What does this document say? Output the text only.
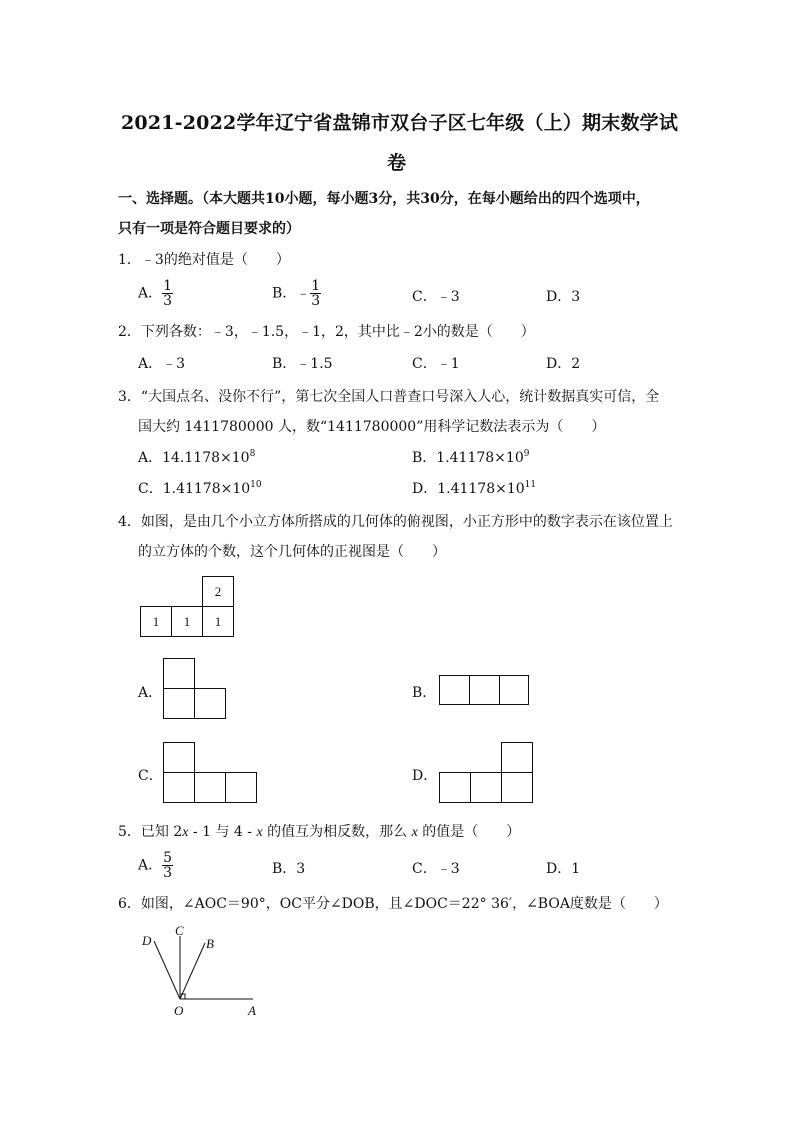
2021-2022学年辽宁省盘锦市双台子区七年级（上）期末数学试
卷
一、选择题。（本大题共10小题，每小题3分，共30分，在每小题给出的四个选项中，
只有一项是符合题目要求的）
1．﹣3的绝对值是（　　）
A． $\frac{1}{3}$	B．﹣ $\frac{1}{3}$	C．﹣3	D．3
2．下列各数：﹣3，﹣1.5，﹣1，2，其中比﹣2小的数是（　　）
A．﹣3	B．﹣1.5	C．﹣1	D．2
3．“大国点名、没你不行”，第七次全国人口普查口号深入人心，统计数据真实可信，全
国大约 1411780000 人，数“1411780000”用科学记数法表示为（　　）
A．$14.1178\times 10^8$	B．$1.41178\times 10^9$
C．$1.41178\times 10^{10}$	D．$1.41178\times 10^{11}$
4．如图，是由几个小立方体所搭成的几何体的俯视图，小正方形中的数字表示在该位置上
的立方体的个数，这个几何体的正视图是（　　）
2
1 1 1
A．	B．
C．	D．
5．已知 2x - 1 与 4 - x 的值互为相反数，那么 x 的值是（　　）
A． $\frac{5}{3}$	B．3	C．﹣3	D．1
6．如图，∠AOC＝90°，OC平分∠DOB，且∠DOC＝22° 36′，∠BOA度数是（　　）
D
C
B
O	A
